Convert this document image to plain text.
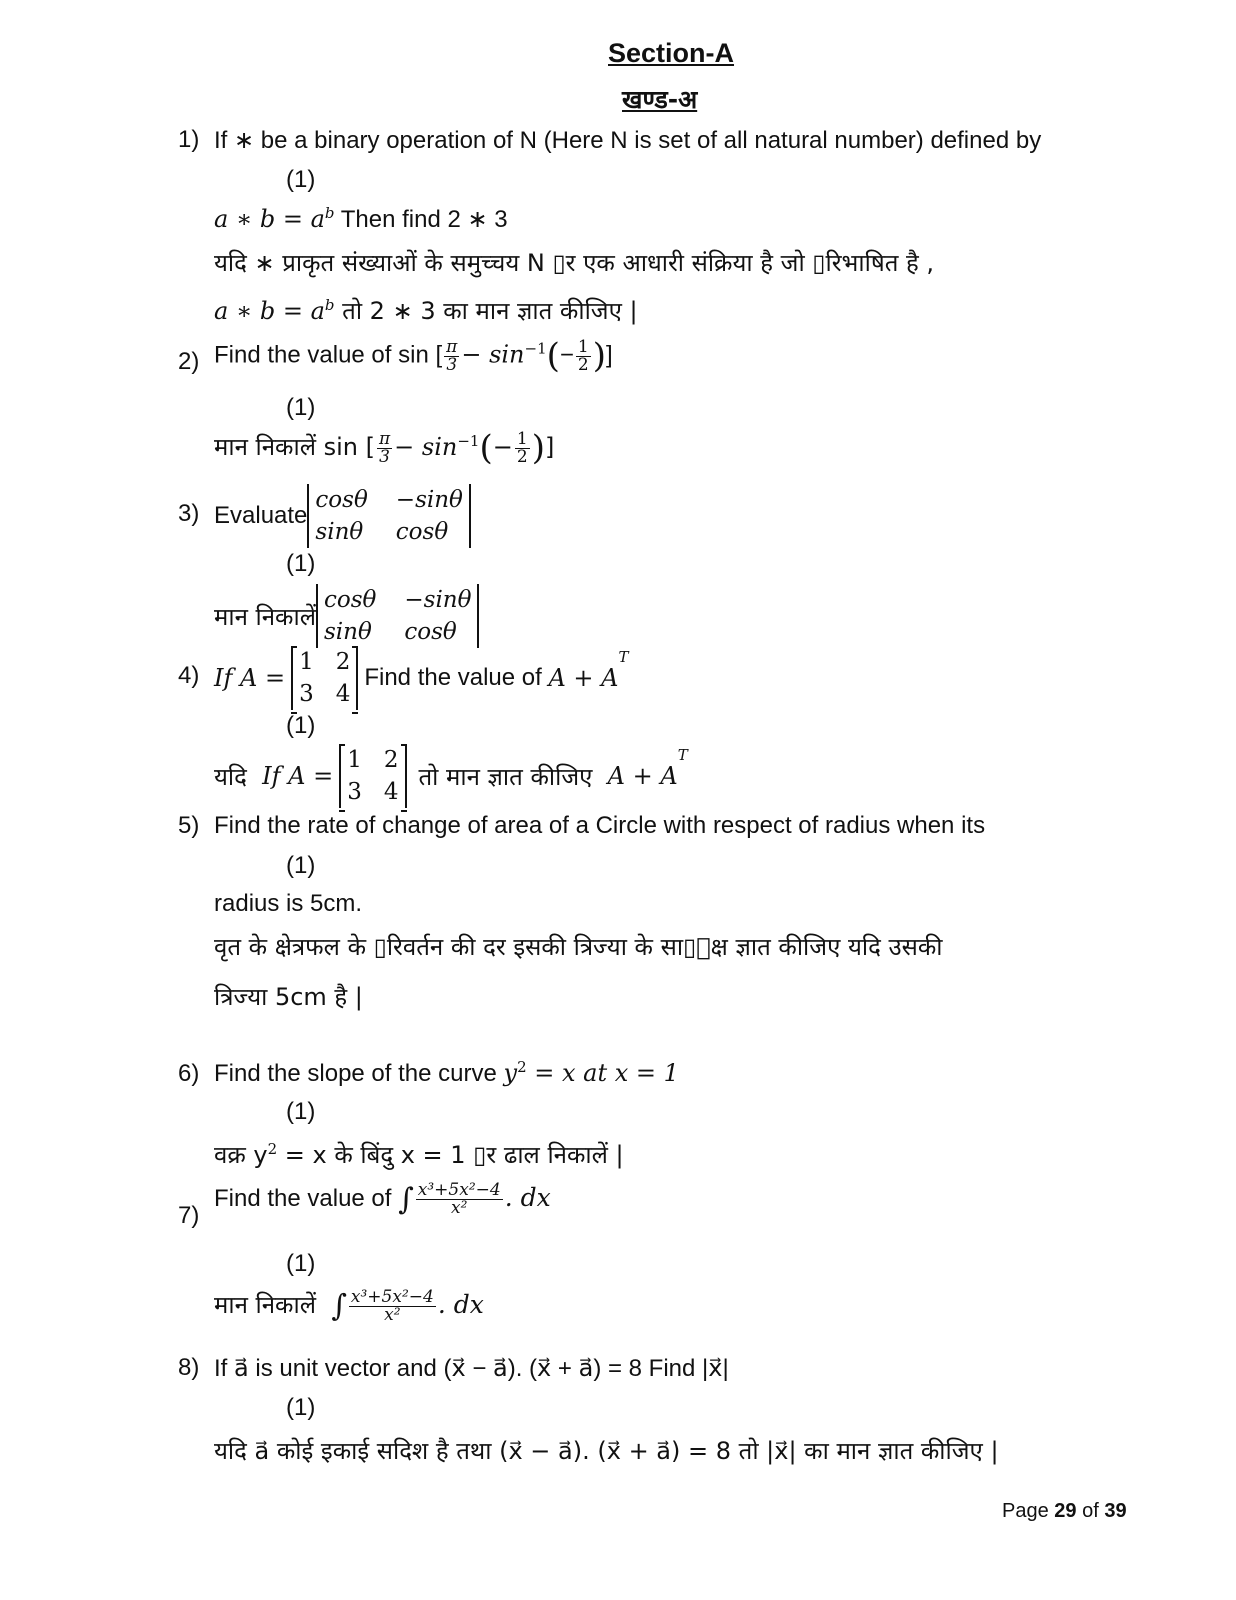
Section-A
खण्ड-अ
1) If ∗ be a binary operation of N (Here N is set of all natural number) defined by
(1)
a ∗ $b = a^b$ Then find 2 ∗ 3
यदि ∗ प्राकृत संख्याओं के समुच्चय N ▯र एक आधारी संक्रिया है जो ▯रिभाषित है ,
a ∗ $b = a^b$ तो 2 ∗ 3 का मान ज्ञात कीजिए |
2) Find the value of sin [ $\frac{\pi}{3} - \sin^{-1}(- \frac{1}{2}$ )]
(1)
मान निकालें sin [ $\frac{\pi}{3} - \sin^{-1}(- \frac{1}{2}$ )]
3) Evaluate
cosθ −sinθ
sinθ cosθ
(1)
मान निकालें
cosθ −sinθ
sinθ cosθ
4) If A =
1 2
3 4
Find the value of
A + A
$^T$
(1)
यदि
If A =
1 2
3 4
तो मान ज्ञात कीजिए
A + A
$^T$
5) Find the rate of change of area of a Circle with respect of radius when its
(1)
radius is 5cm.
वृत के क्षेत्रफल के ▯रिवर्तन की दर इसकी त्रिज्या के सा▯ेक्ष ज्ञात कीजिए यदि उसकी
त्रिज्या 5cm है |
6) Find the slope of the curve $y^2 = x$ at x = 1
(1)
वक्र $y^2 = x$ के बिंदु x = 1 ▯र ढाल निकालें |
7)
Find the value of ∫ $\frac{\text{x³+5x²−4}}{\text{x²}}$ . dx
(1)
मान निकालें ∫ $\frac{\text{x³+5x²−4}}{\text{x²}}$ . dx
8) If a⃗ is unit vector and (x⃗ − a⃗). (x⃗ + a⃗) = 8 Find |x⃗|
(1)
यदि a⃗ कोई इकाई सदिश है तथा (x⃗ − a⃗). (x⃗ + a⃗) = 8 तो |x⃗| का मान ज्ञात कीजिए |
Page 29 of 39
